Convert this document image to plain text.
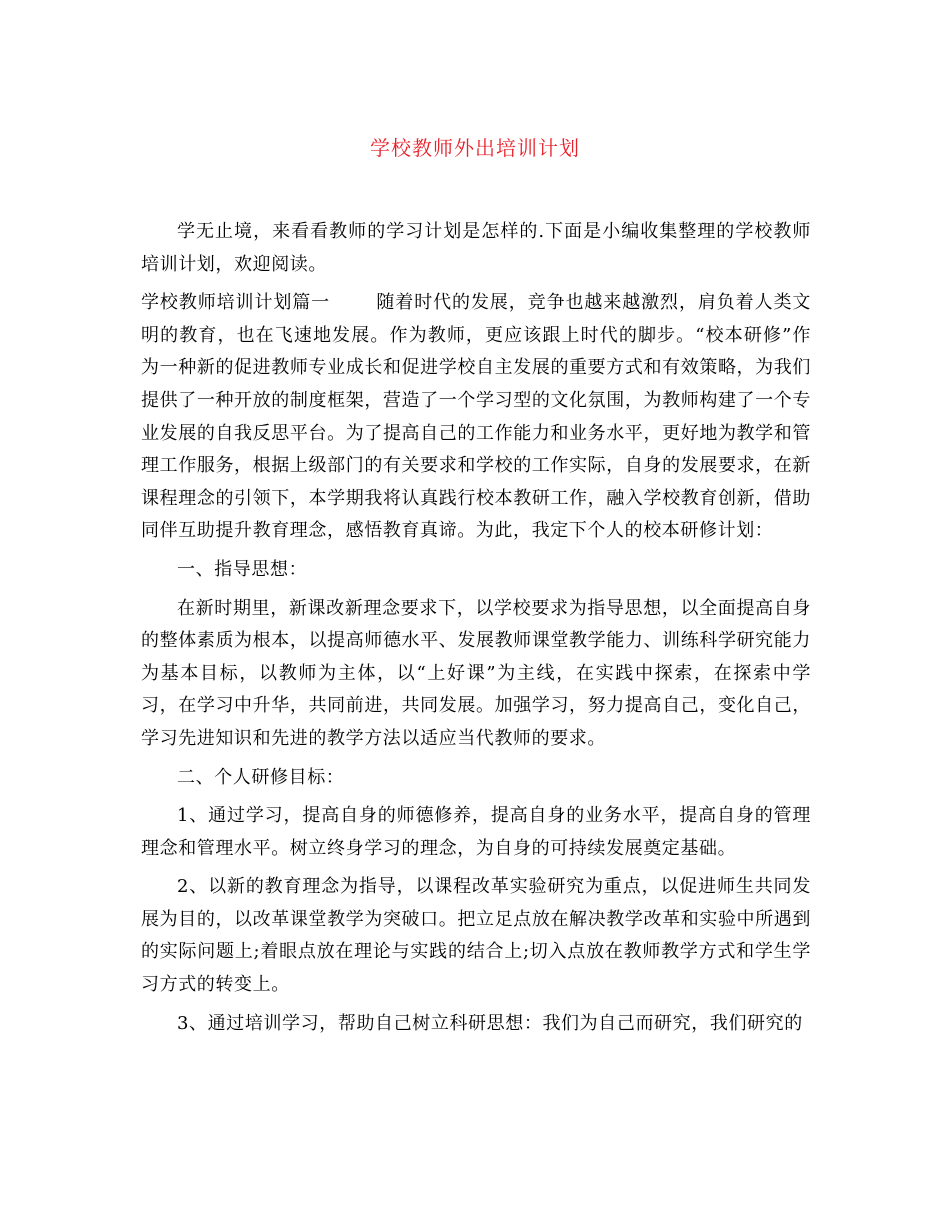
学校教师外出培训计划

学无止境，来看看教师的学习计划是怎样的.下面是小编收集整理的学校教师培训计划，欢迎阅读。

学校教师培训计划篇一	随着时代的发展，竞争也越来越激烈，肩负着人类文明的教育，也在飞速地发展。作为教师，更应该跟上时代的脚步。“校本研修”作为一种新的促进教师专业成长和促进学校自主发展的重要方式和有效策略，为我们提供了一种开放的制度框架，营造了一个学习型的文化氛围，为教师构建了一个专业发展的自我反思平台。为了提高自己的工作能力和业务水平，更好地为教学和管理工作服务，根据上级部门的有关要求和学校的工作实际，自身的发展要求，在新课程理念的引领下，本学期我将认真践行校本教研工作，融入学校教育创新，借助同伴互助提升教育理念，感悟教育真谛。为此，我定下个人的校本研修计划：

一、指导思想：

在新时期里，新课改新理念要求下，以学校要求为指导思想，以全面提高自身的整体素质为根本，以提高师德水平、发展教师课堂教学能力、训练科学研究能力为基本目标，以教师为主体，以“上好课”为主线，在实践中探索，在探索中学习，在学习中升华，共同前进，共同发展。加强学习，努力提高自己，变化自己，学习先进知识和先进的教学方法以适应当代教师的要求。

二、个人研修目标：

1、通过学习，提高自身的师德修养，提高自身的业务水平，提高自身的管理理念和管理水平。树立终身学习的理念，为自身的可持续发展奠定基础。

2、以新的教育理念为指导，以课程改革实验研究为重点，以促进师生共同发展为目的，以改革课堂教学为突破口。把立足点放在解决教学改革和实验中所遇到的实际问题上;着眼点放在理论与实践的结合上;切入点放在教师教学方式和学生学习方式的转变上。

3、通过培训学习，帮助自己树立科研思想：我们为自己而研究，我们研究的
